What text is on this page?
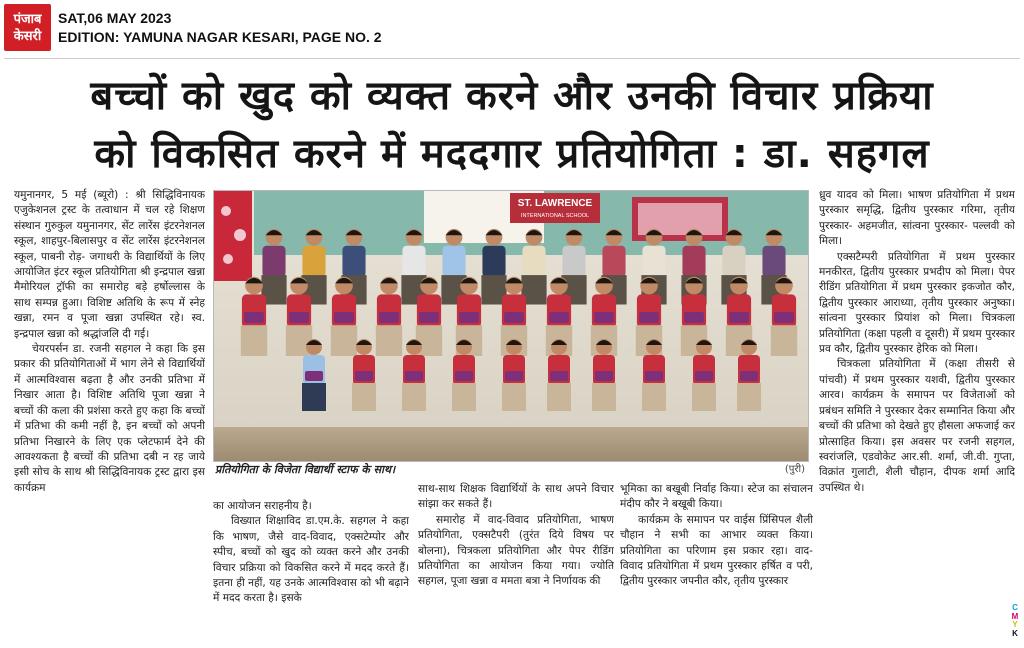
पंजाब
केसरी
SAT,06 MAY 2023
EDITION: YAMUNA NAGAR KESARI, PAGE NO. 2
बच्चों को खुद को व्यक्त करने और उनकी विचार प्रक्रिया
को विकसित करने में मददगार प्रतियोगिता : डा. सहगल

यमुनानगर, 5 मई (ब्यूरो) : श्री सिद्धिविनायक एजुकेशनल ट्रस्ट के तत्वाधान में चल रहे शिक्षण संस्थान गुरुकुल यमुनानगर, सेंट लारेंस इंटरनेशनल स्कूल, शाहपुर-बिलासपुर व सेंट लारेंस इंटरनेशनल स्कूल, पाबनी रोड़- जगाधरी के विद्यार्थियों के लिए आयोजित इंटर स्कूल प्रतियोगिता श्री इन्द्रपाल खन्ना मैमोरियल ट्रॉफी का समारोह बड़े हर्षोल्लास के साथ सम्पन्न हुआ। विशिष्ट अतिथि के रूप में स्नेह खन्ना, रमन व पूजा खन्ना उपस्थित रहे। स्व. इन्द्रपाल खन्ना को श्रद्धांजलि दी गई।

चेयरपर्सन डा. रजनी सहगल ने कहा कि इस प्रकार की प्रतियोगिताओं में भाग लेने से विद्यार्थियों में आत्मविश्वास बढ़ता है और उनकी प्रतिभा में निखार आता है। विशिष्ट अतिथि पूजा खन्ना ने बच्चों की कला की प्रशंसा करते हुए कहा कि बच्चों में प्रतिभा की कमी नहीं है, इन बच्चों को अपनी प्रतिभा निखारने के लिए एक प्लेटफार्म देने की आवश्यकता है बच्चों की प्रतिभा दबी न रह जाये इसी सोच के साथ श्री सिद्धिविनायक ट्रस्ट द्वारा इस कार्यक्रम

ST. LAWRENCE
INTERNATIONAL SCHOOL
प्रतियोगिता के विजेता विद्यार्थी स्टाफ के साथ।	(पुरी)

का आयोजन सराहनीय है।

विख्यात शिक्षाविद डा.एम.के. सहगल ने कहा कि भाषण, जैसे वाद-विवाद, एक्सटेम्पोर और स्पीच, बच्चों को खुद को व्यक्त करने और उनकी विचार प्रक्रिया को विकसित करने में मदद करते हैं। इतना ही नहीं, यह उनके आत्मविश्वास को भी बढ़ाने में मदद करता है। इसके

साथ-साथ शिक्षक विद्यार्थियों के साथ अपने विचार सांझा कर सकते हैं।

समारोह में वाद-विवाद प्रतियोगिता, भाषण प्रतियोगिता, एक्सटैपरी (तुरंत दिये विषय पर बोलना), चित्रकला प्रतियोगिता और पेपर रीडिंग प्रतियोगिता का आयोजन किया गया। ज्योति सहगल, पूजा खन्ना व ममता बत्रा ने निर्णायक की

भूमिका का बखूबी निर्वाह किया। स्टेज का संचालन मंदीप कौर ने बखूबी किया।

कार्यक्रम के समापन पर वाईस प्रिंसिपल शैली चौहान ने सभी का आभार व्यक्त किया। प्रतियोगिता का परिणाम इस प्रकार रहा। वाद-विवाद प्रतियोगिता में प्रथम पुरस्कार हर्षित व परी, द्वितीय पुरस्कार जपनीत कौर, तृतीय पुरस्कार

ध्रुव यादव को मिला। भाषण प्रतियोगिता में प्रथम पुरस्कार समृद्धि, द्वितीय पुरस्कार गरिमा, तृतीय पुरस्कार- अहमजीत, सांत्वना पुरस्कार- पल्लवी को मिला।

एक्सटैम्परी प्रतियोगिता में प्रथम पुरस्कार मनकीरत, द्वितीय पुरस्कार प्रभदीप को मिला। पेपर रीडिंग प्रतियोगिता में प्रथम पुरस्कार इकजोत कौर, द्वितीय पुरस्कार आराध्या, तृतीय पुरस्कार अनुष्का। सांत्वना पुरस्कार प्रियांश को मिला। चित्रकला प्रतियोगिता (कक्षा पहली व दूसरी) में प्रथम पुरस्कार प्रव कौर, द्वितीय पुरस्कार हेरिक को मिला।

चित्रकला प्रतियोगिता में (कक्षा तीसरी से पांचवी) में प्रथम पुरस्कार यशवी, द्वितीय पुरस्कार आरव। कार्यक्रम के समापन पर विजेताओं को प्रबंधन समिति ने पुरस्कार देकर सम्मानित किया और बच्चों की प्रतिभा को देखते हुए हौसला अफजाई कर प्रोत्साहित किया। इस अवसर पर रजनी सहगल, स्वरांजलि, एडवोकेट आर.सी. शर्मा, जी.वी. गुप्ता, विक्रांत गुलाटी, शैली चौहान, दीपक शर्मा आदि उपस्थित थे।

C
M
Y
K
